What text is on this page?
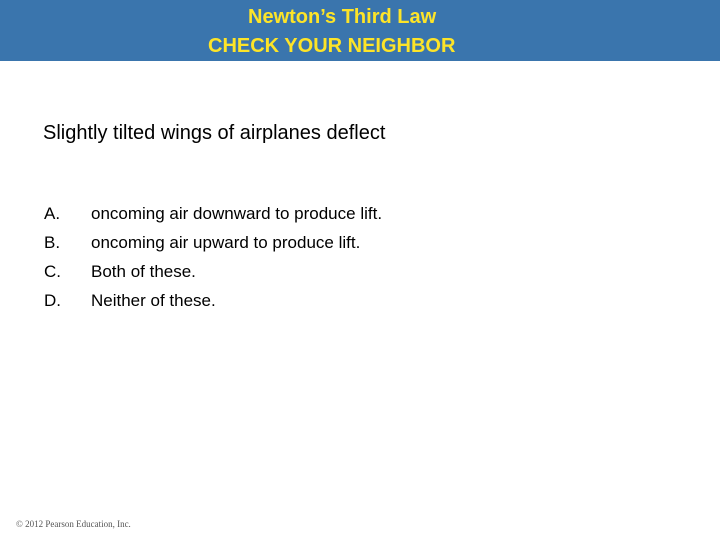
Newton’s Third Law
CHECK YOUR NEIGHBOR
Slightly tilted wings of airplanes deflect
A. oncoming air downward to produce lift.
B. oncoming air upward to produce lift.
C. Both of these.
D. Neither of these.
© 2012 Pearson Education, Inc.
